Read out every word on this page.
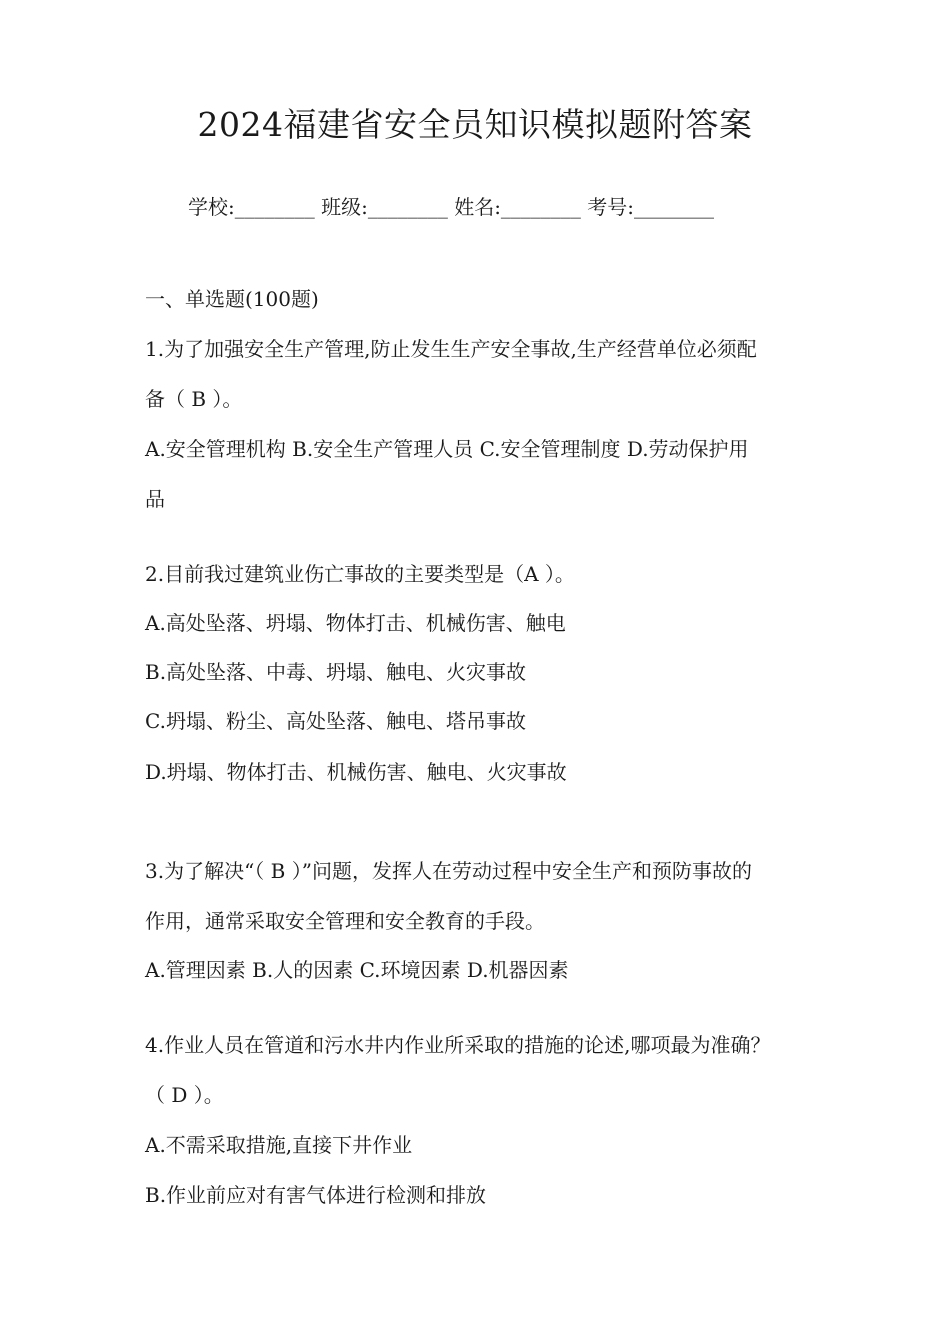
2024福建省安全员知识模拟题附答案
学校:________ 班级:________ 姓名:________ 考号:________
一、单选题(100题)
1.为了加强安全生产管理,防止发生生产安全事故,生产经营单位必须配
备（ B ）。
A.安全管理机构 B.安全生产管理人员 C.安全管理制度 D.劳动保护用
品
2.目前我过建筑业伤亡事故的主要类型是（A ）。
A.高处坠落、坍塌、物体打击、机械伤害、触电
B.高处坠落、中毒、坍塌、触电、火灾事故
C.坍塌、粉尘、高处坠落、触电、塔吊事故
D.坍塌、物体打击、机械伤害、触电、火灾事故
3.为了解决“（ B ）”问题，发挥人在劳动过程中安全生产和预防事故的
作用，通常采取安全管理和安全教育的手段。
A.管理因素 B.人的因素 C.环境因素 D.机器因素
4.作业人员在管道和污水井内作业所采取的措施的论述,哪项最为准确？
（ D ）。
A.不需采取措施,直接下井作业
B.作业前应对有害气体进行检测和排放
